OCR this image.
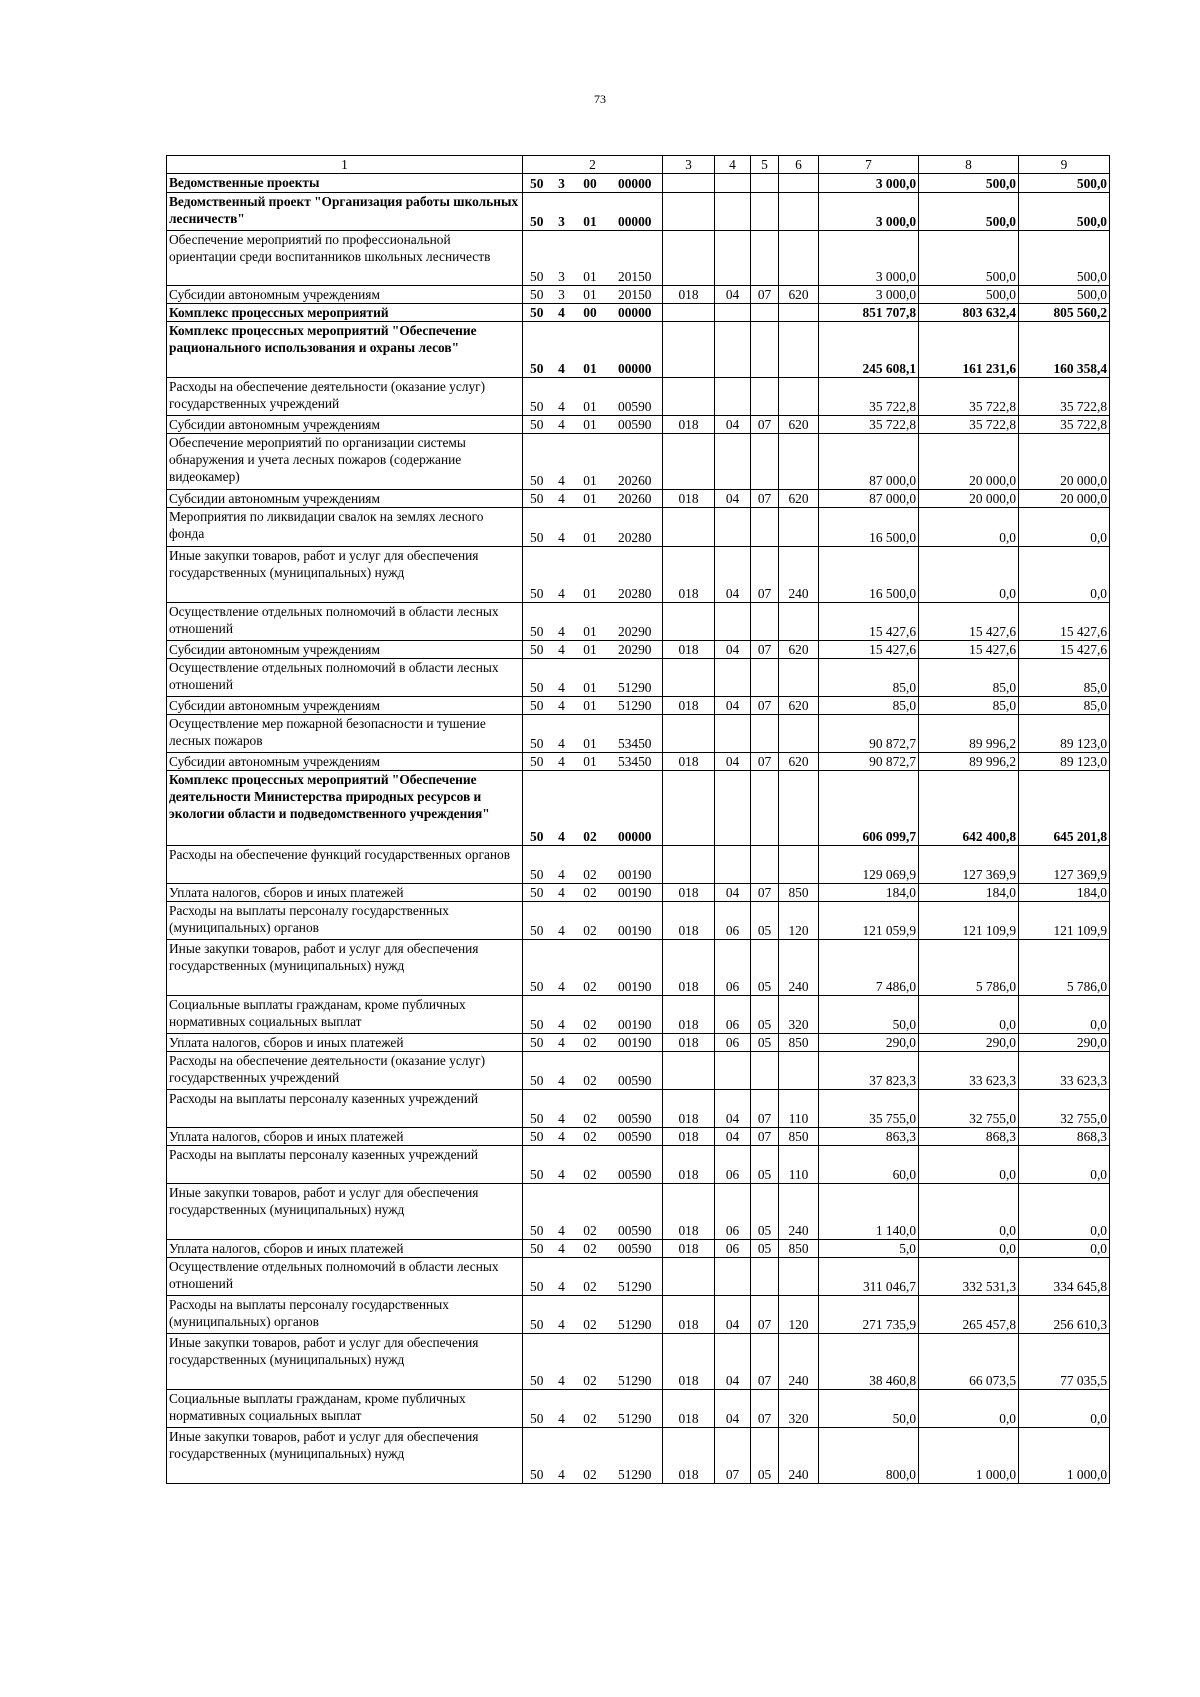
73
1	2				3	4	5	6	7	8	9
Ведомственные проекты	50	3	00	00000					3 000,0	500,0	500,0
Ведомственный проект "Организация работы школьных лесничеств"	50	3	01	00000					3 000,0	500,0	500,0
Обеспечение мероприятий по профессиональной ориентации среди воспитанников школьных лесничеств	50	3	01	20150					3 000,0	500,0	500,0
Субсидии автономным учреждениям	50	3	01	20150	018	04	07	620	3 000,0	500,0	500,0
Комплекс процессных мероприятий	50	4	00	00000					851 707,8	803 632,4	805 560,2
Комплекс процессных мероприятий "Обеспечение рационального использования и охраны лесов"	50	4	01	00000					245 608,1	161 231,6	160 358,4
Расходы на обеспечение деятельности (оказание услуг) государственных учреждений	50	4	01	00590					35 722,8	35 722,8	35 722,8
Субсидии автономным учреждениям	50	4	01	00590	018	04	07	620	35 722,8	35 722,8	35 722,8
Обеспечение мероприятий по организации системы обнаружения и учета лесных пожаров (содержание видеокамер)	50	4	01	20260					87 000,0	20 000,0	20 000,0
Субсидии автономным учреждениям	50	4	01	20260	018	04	07	620	87 000,0	20 000,0	20 000,0
Мероприятия по ликвидации свалок на землях лесного фонда	50	4	01	20280					16 500,0	0,0	0,0
Иные закупки товаров, работ и услуг для обеспечения государственных (муниципальных) нужд	50	4	01	20280	018	04	07	240	16 500,0	0,0	0,0
Осуществление отдельных полномочий в области лесных отношений	50	4	01	20290					15 427,6	15 427,6	15 427,6
Субсидии автономным учреждениям	50	4	01	20290	018	04	07	620	15 427,6	15 427,6	15 427,6
Осуществление отдельных полномочий в области лесных отношений	50	4	01	51290					85,0	85,0	85,0
Субсидии автономным учреждениям	50	4	01	51290	018	04	07	620	85,0	85,0	85,0
Осуществление мер пожарной безопасности и тушение лесных пожаров	50	4	01	53450					90 872,7	89 996,2	89 123,0
Субсидии автономным учреждениям	50	4	01	53450	018	04	07	620	90 872,7	89 996,2	89 123,0
Комплекс процессных мероприятий "Обеспечение деятельности Министерства природных ресурсов и экологии области и подведомственного учреждения"	50	4	02	00000					606 099,7	642 400,8	645 201,8
Расходы на обеспечение функций государственных органов	50	4	02	00190					129 069,9	127 369,9	127 369,9
Уплата налогов, сборов и иных платежей	50	4	02	00190	018	04	07	850	184,0	184,0	184,0
Расходы на выплаты персоналу государственных (муниципальных) органов	50	4	02	00190	018	06	05	120	121 059,9	121 109,9	121 109,9
Иные закупки товаров, работ и услуг для обеспечения государственных (муниципальных) нужд	50	4	02	00190	018	06	05	240	7 486,0	5 786,0	5 786,0
Социальные выплаты гражданам, кроме публичных нормативных социальных выплат	50	4	02	00190	018	06	05	320	50,0	0,0	0,0
Уплата налогов, сборов и иных платежей	50	4	02	00190	018	06	05	850	290,0	290,0	290,0
Расходы на обеспечение деятельности (оказание услуг) государственных учреждений	50	4	02	00590					37 823,3	33 623,3	33 623,3
Расходы на выплаты персоналу казенных учреждений	50	4	02	00590	018	04	07	110	35 755,0	32 755,0	32 755,0
Уплата налогов, сборов и иных платежей	50	4	02	00590	018	04	07	850	863,3	868,3	868,3
Расходы на выплаты персоналу казенных учреждений	50	4	02	00590	018	06	05	110	60,0	0,0	0,0
Иные закупки товаров, работ и услуг для обеспечения государственных (муниципальных) нужд	50	4	02	00590	018	06	05	240	1 140,0	0,0	0,0
Уплата налогов, сборов и иных платежей	50	4	02	00590	018	06	05	850	5,0	0,0	0,0
Осуществление отдельных полномочий в области лесных отношений	50	4	02	51290					311 046,7	332 531,3	334 645,8
Расходы на выплаты персоналу государственных (муниципальных) органов	50	4	02	51290	018	04	07	120	271 735,9	265 457,8	256 610,3
Иные закупки товаров, работ и услуг для обеспечения государственных (муниципальных) нужд	50	4	02	51290	018	04	07	240	38 460,8	66 073,5	77 035,5
Социальные выплаты гражданам, кроме публичных нормативных социальных выплат	50	4	02	51290	018	04	07	320	50,0	0,0	0,0
Иные закупки товаров, работ и услуг для обеспечения государственных (муниципальных) нужд	50	4	02	51290	018	07	05	240	800,0	1 000,0	1 000,0
